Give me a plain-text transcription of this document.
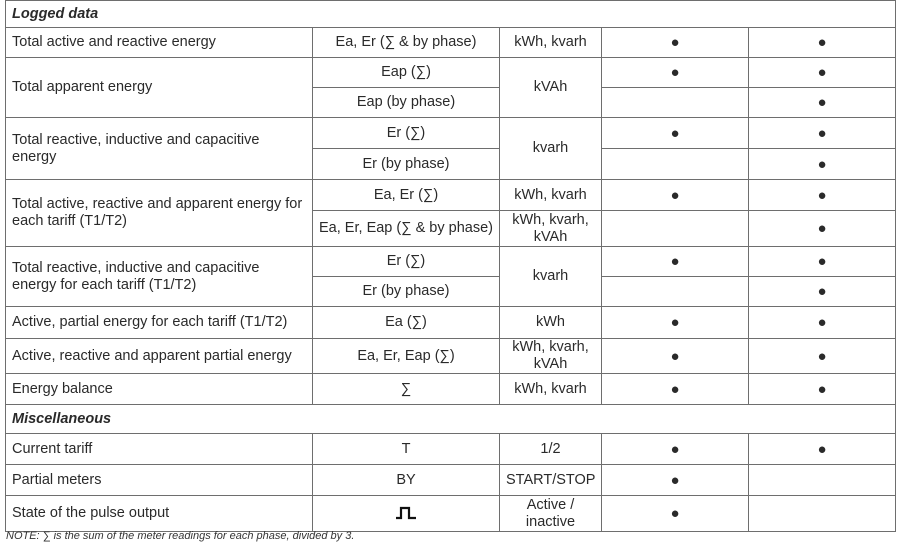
Logged data				
Total active and reactive energy	Ea, Er (∑ & by phase)	kWh, kvarh	●	●
Total apparent energy	Eap (∑)	kVAh	●	●
	Eap (by phase)			●
Total reactive, inductive and capacitive energy	Er (∑)	kvarh	●	●
	Er (by phase)			●
Total active, reactive and apparent energy for each tariff (T1/T2)	Ea, Er (∑)	kWh, kvarh	●	●
	Ea, Er, Eap (∑ & by phase)	kWh, kvarh, kVAh		●
Total reactive, inductive and capacitive energy for each tariff (T1/T2)	Er (∑)	kvarh	●	●
	Er (by phase)			●
Active, partial energy for each tariff (T1/T2)	Ea (∑)	kWh	●	●
Active, reactive and apparent partial energy	Ea, Er, Eap (∑)	kWh, kvarh, kVAh	●	●
Energy balance	∑	kWh, kvarh	●	●
Miscellaneous				
Current tariff	T	1/2	●	●
Partial meters	BY	START/STOP	●	
State of the pulse output		Active / inactive	●	
NOTE: ∑ is the sum of the meter readings for each phase, divided by 3.
